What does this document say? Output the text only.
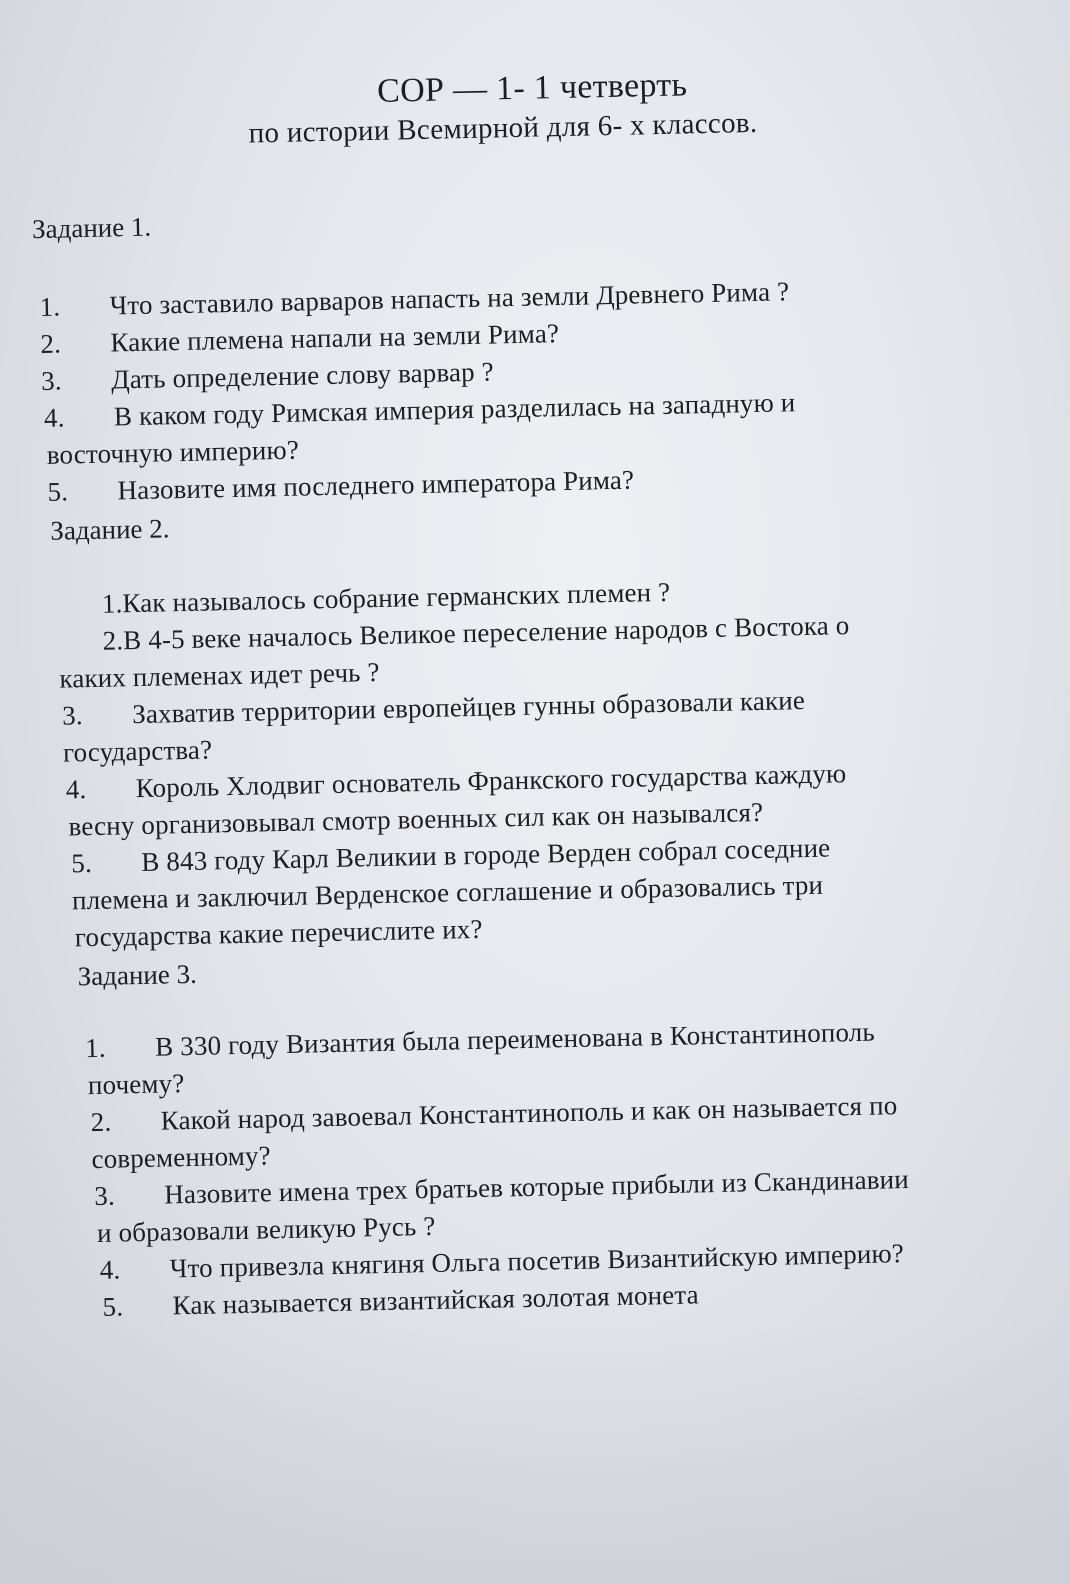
СОР — 1- 1 четверть
по истории Всемирной для 6- х классов.
Задание 1.
1. Что заставило варваров напасть на земли Древнего Рима ?
2. Какие племена напали на земли Рима?
3. Дать определение слову варвар ?
4. В каком году Римская империя разделилась на западную и
восточную империю?
5. Назовите имя последнего императора Рима?
Задание 2.
1.Как называлось собрание германских племен ?
2.В 4-5 веке началось Великое переселение народов с Востока о
каких племенах идет речь ?
3. Захватив территории европейцев гунны образовали какие
государства?
4. Король Хлодвиг основатель Франкского государства каждую
весну организовывал смотр военных сил как он назывался?
5. В 843 году Карл Великии в городе Верден собрал соседние
племена и заключил Верденское соглашение и образовались три
государства какие перечислите их?
Задание 3.
1. В 330 году Византия была переименована в Константинополь
почему?
2. Какой народ завоевал Константинополь и как он называется по
современному?
3. Назовите имена трех братьев которые прибыли из Скандинавии
и образовали великую Русь ?
4. Что привезла княгиня Ольга посетив Византийскую империю?
5. Как называется византийская золотая монета
